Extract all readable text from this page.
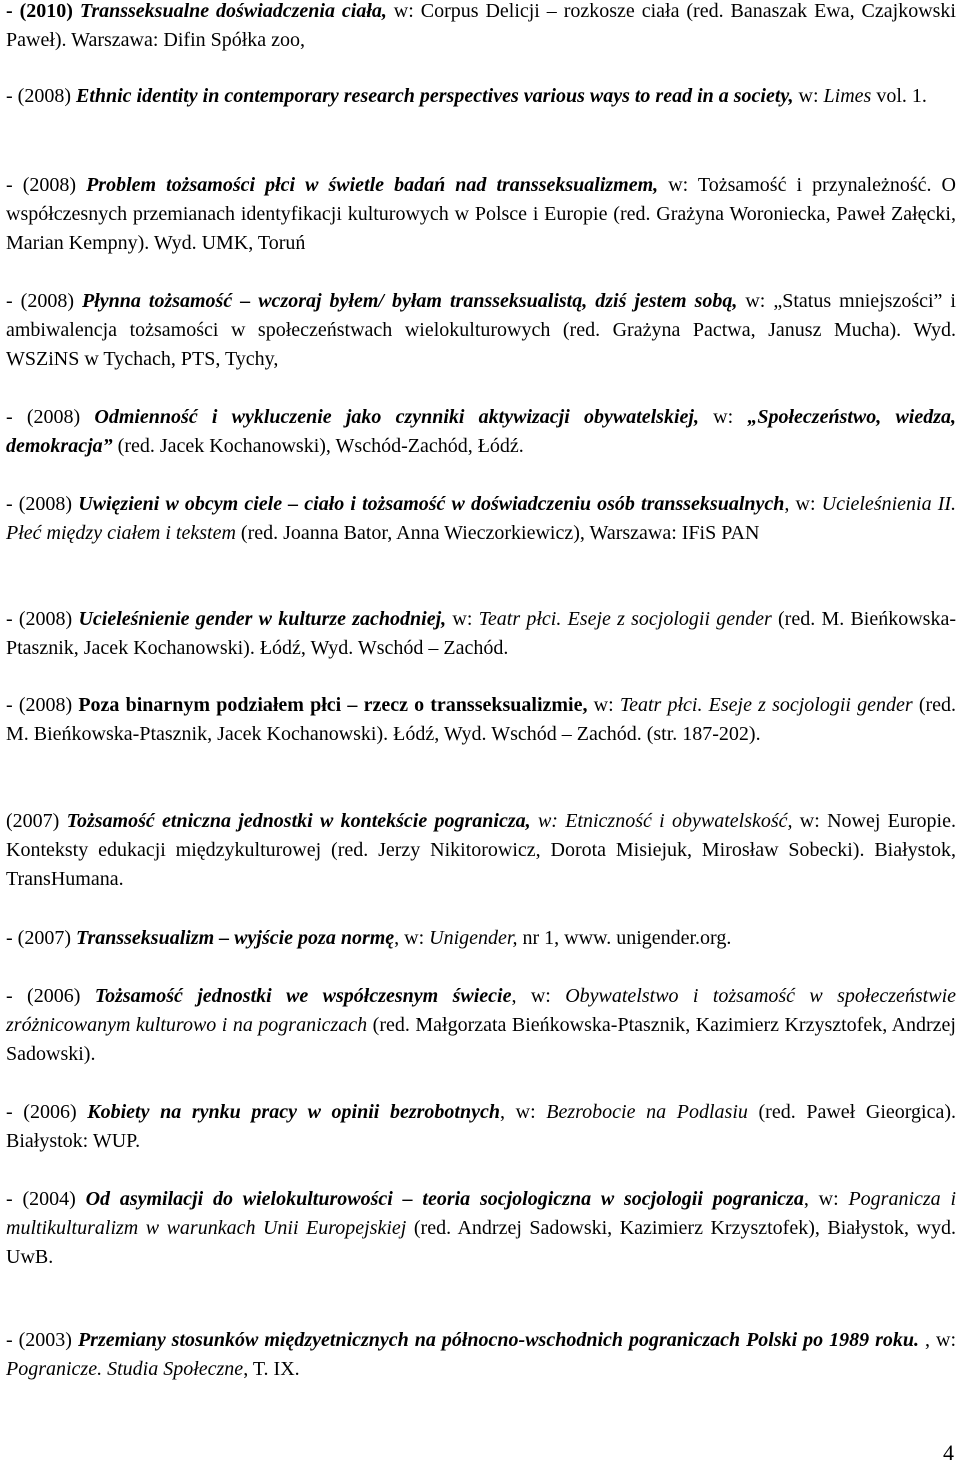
- (2010) Transseksualne doświadczenia ciała, w: Corpus Delicji – rozkosze ciała (red. Banaszak Ewa, Czajkowski Paweł). Warszawa: Difin Spółka zoo,

- (2008) Ethnic identity in contemporary research perspectives various ways to read in a society, w: Limes vol. 1.

- (2008) Problem tożsamości płci w świetle badań nad transseksualizmem, w: Tożsamość i przynależność. O współczesnych przemianach identyfikacji kulturowych w Polsce i Europie (red. Grażyna Woroniecka, Paweł Załęcki, Marian Kempny). Wyd. UMK, Toruń

- (2008) Płynna tożsamość – wczoraj byłem/ byłam transseksualistą, dziś jestem sobą, w: „Status mniejszości” i ambiwalencja tożsamości w społeczeństwach wielokulturowych (red. Grażyna Pactwa, Janusz Mucha). Wyd. WSZiNS w Tychach, PTS, Tychy,

- (2008) Odmienność i wykluczenie jako czynniki aktywizacji obywatelskiej, w: „Społeczeństwo, wiedza, demokracja” (red. Jacek Kochanowski), Wschód-Zachód, Łódź.

- (2008) Uwięzieni w obcym ciele – ciało i tożsamość w doświadczeniu osób transseksualnych, w: Ucieleśnienia II. Płeć między ciałem i tekstem (red. Joanna Bator, Anna Wieczorkiewicz), Warszawa: IFiS PAN

- (2008) Ucieleśnienie gender w kulturze zachodniej, w: Teatr płci. Eseje z socjologii gender (red. M. Bieńkowska-Ptasznik, Jacek Kochanowski). Łódź, Wyd. Wschód – Zachód.

- (2008) Poza binarnym podziałem płci – rzecz o transseksualizmie, w: Teatr płci. Eseje z socjologii gender (red. M. Bieńkowska-Ptasznik, Jacek Kochanowski). Łódź, Wyd. Wschód – Zachód. (str. 187-202).

(2007) Tożsamość etniczna jednostki w kontekście pogranicza, w: Etniczność i obywatelskość, w: Nowej Europie. Konteksty edukacji międzykulturowej (red. Jerzy Nikitorowicz, Dorota Misiejuk, Mirosław Sobecki). Białystok, TransHumana.

- (2007) Transseksualizm – wyjście poza normę, w: Unigender, nr 1, www. unigender.org.

- (2006) Tożsamość jednostki we współczesnym świecie, w: Obywatelstwo i tożsamość w społeczeństwie zróżnicowanym kulturowo i na pograniczach (red. Małgorzata Bieńkowska-Ptasznik, Kazimierz Krzysztofek, Andrzej Sadowski).

- (2006) Kobiety na rynku pracy w opinii bezrobotnych, w: Bezrobocie na Podlasiu (red. Paweł Gieorgica). Białystok: WUP.

- (2004) Od asymilacji do wielokulturowości – teoria socjologiczna w socjologii pogranicza, w: Pogranicza i multikulturalizm w warunkach Unii Europejskiej (red. Andrzej Sadowski, Kazimierz Krzysztofek), Białystok, wyd. UwB.

- (2003) Przemiany stosunków międzyetnicznych na północno-wschodnich pograniczach Polski po 1989 roku. , w: Pogranicze. Studia Społeczne, T. IX.

4
